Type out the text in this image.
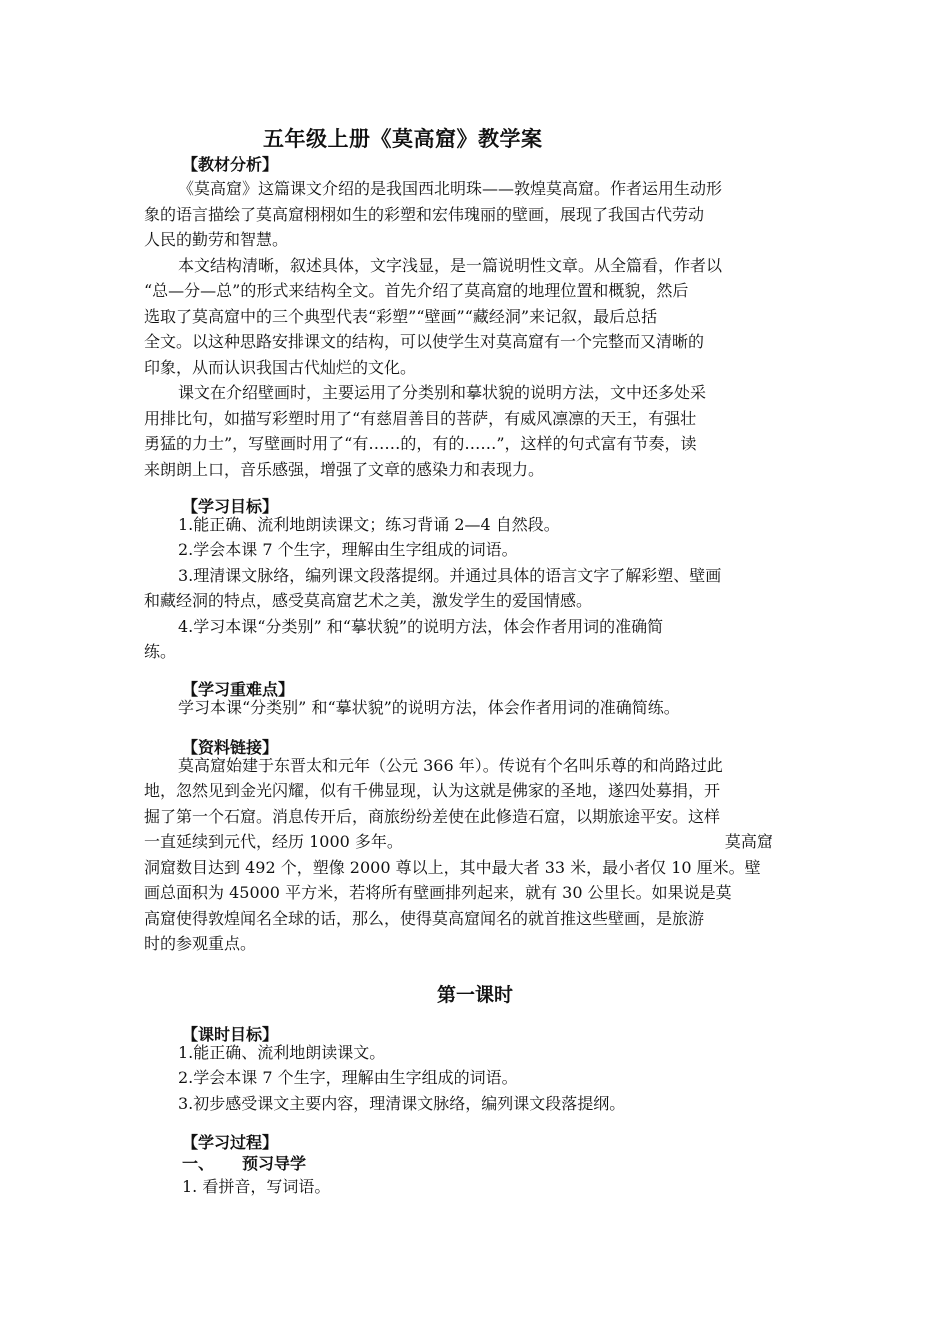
五年级上册《莫高窟》教学案
【教材分析】
《莫高窟》这篇课文介绍的是我国西北明珠——敦煌莫高窟。作者运用生动形
象的语言描绘了莫高窟栩栩如生的彩塑和宏伟瑰丽的壁画，展现了我国古代劳动
人民的勤劳和智慧。
本文结构清晰，叙述具体，文字浅显，是一篇说明性文章。从全篇看，作者以
“总—分—总”的形式来结构全文。首先介绍了莫高窟的地理位置和概貌，然后
选取了莫高窟中的三个典型代表“彩塑”“壁画”“藏经洞”来记叙，最后总括
全文。以这种思路安排课文的结构，可以使学生对莫高窟有一个完整而又清晰的
印象，从而认识我国古代灿烂的文化。
课文在介绍壁画时，主要运用了分类别和摹状貌的说明方法，文中还多处采
用排比句，如描写彩塑时用了“有慈眉善目的菩萨，有威风凛凛的天王，有强壮
勇猛的力士”，写壁画时用了“有……的，有的……”，这样的句式富有节奏，读
来朗朗上口，音乐感强，增强了文章的感染力和表现力。
【学习目标】
1.能正确、流利地朗读课文；练习背诵 2—4 自然段。
2.学会本课 7 个生字，理解由生字组成的词语。
3.理清课文脉络，编列课文段落提纲。并通过具体的语言文字了解彩塑、壁画
和藏经洞的特点，感受莫高窟艺术之美，激发学生的爱国情感。
4.学习本课“分类别” 和“摹状貌”的说明方法，体会作者用词的准确简
练。
【学习重难点】
学习本课“分类别” 和“摹状貌”的说明方法，体会作者用词的准确简练。
【资料链接】
莫高窟始建于东晋太和元年（公元 366 年）。传说有个名叫乐尊的和尚路过此
地，忽然见到金光闪耀，似有千佛显现，认为这就是佛家的圣地，遂四处募捐，开
掘了第一个石窟。消息传开后，商旅纷纷差使在此修造石窟，以期旅途平安。这样
一直延续到元代，经历 1000 多年。	莫高窟
洞窟数目达到 492 个，塑像 2000 尊以上，其中最大者 33 米，最小者仅 10 厘米。壁
画总面积为 45000 平方米，若将所有壁画排列起来，就有 30 公里长。如果说是莫
高窟使得敦煌闻名全球的话，那么，使得莫高窟闻名的就首推这些壁画，是旅游
时的参观重点。
第一课时
【课时目标】
1.能正确、流利地朗读课文。
2.学会本课 7 个生字，理解由生字组成的词语。
3.初步感受课文主要内容，理清课文脉络，编列课文段落提纲。
【学习过程】
一、 预习导学
1. 看拼音，写词语。
